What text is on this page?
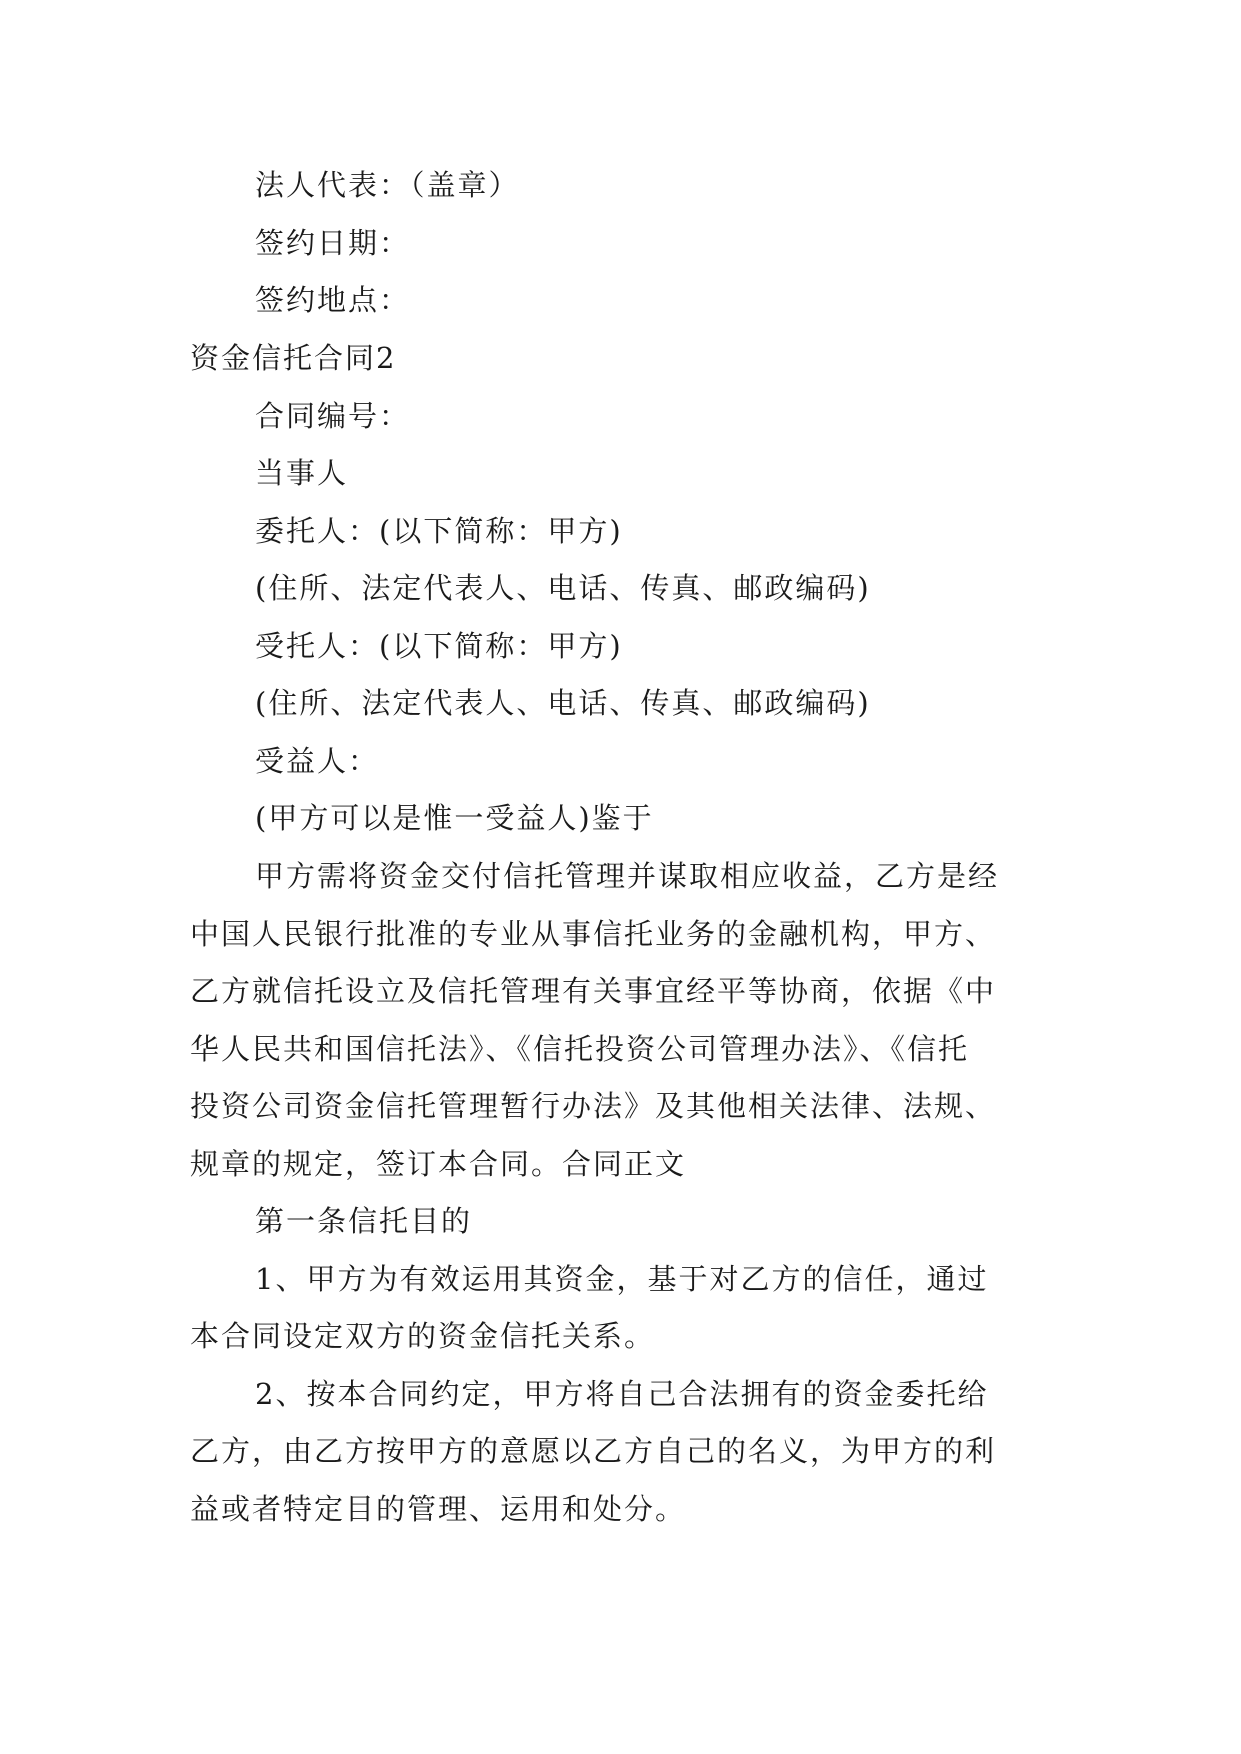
法人代表：（盖章）
签约日期：
签约地点：
资金信托合同2
合同编号：
当事人
委托人：(以下简称：甲方)
(住所、法定代表人、电话、传真、邮政编码)
受托人：(以下简称：甲方)
(住所、法定代表人、电话、传真、邮政编码)
受益人：
(甲方可以是惟一受益人)鉴于
甲方需将资金交付信托管理并谋取相应收益，乙方是经
中国人民银行批准的专业从事信托业务的金融机构，甲方、
乙方就信托设立及信托管理有关事宜经平等协商，依据《中
华人民共和国信托法》、《信托投资公司管理办法》、《信托
投资公司资金信托管理暂行办法》及其他相关法律、法规、
规章的规定，签订本合同。合同正文
第一条信托目的
1、甲方为有效运用其资金，基于对乙方的信任，通过
本合同设定双方的资金信托关系。
2、按本合同约定，甲方将自己合法拥有的资金委托给
乙方，由乙方按甲方的意愿以乙方自己的名义，为甲方的利
益或者特定目的管理、运用和处分。
